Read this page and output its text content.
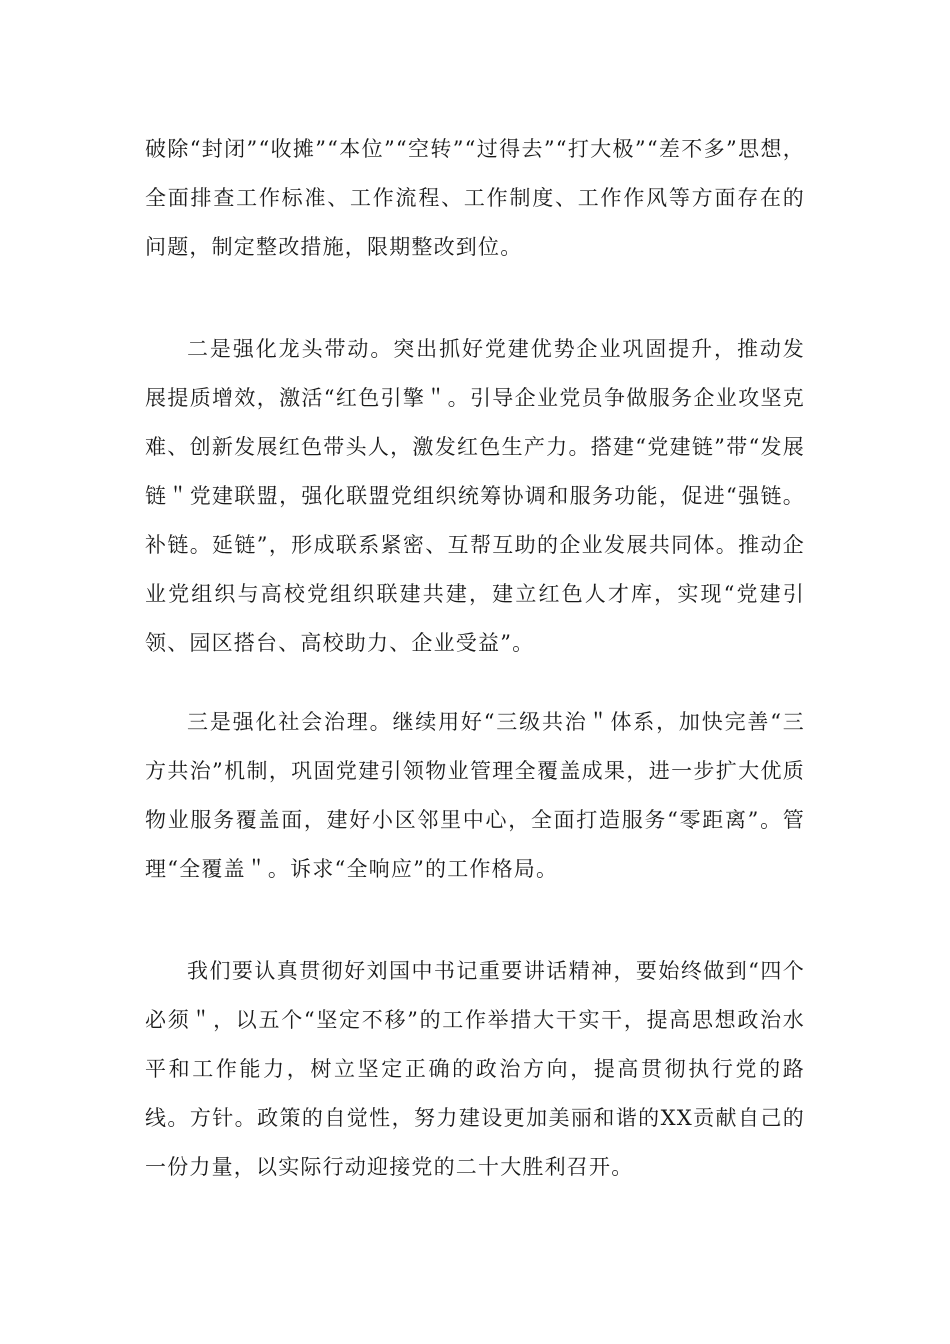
破除“封闭”“收摊”“本位”“空转”“过得去”“打大极”“差不多”思想，全面排查工作标准、工作流程、工作制度、工作作风等方面存在的问题，制定整改措施，限期整改到位。

二是强化龙头带动。突出抓好党建优势企业巩固提升，推动发展提质增效，激活“红色引擎＂。引导企业党员争做服务企业攻坚克难、创新发展红色带头人，激发红色生产力。搭建“党建链”带“发展链＂党建联盟，强化联盟党组织统筹协调和服务功能，促进“强链。补链。延链”，形成联系紧密、互帮互助的企业发展共同体。推动企业党组织与高校党组织联建共建，建立红色人才库，实现“党建引领、园区搭台、高校助力、企业受益”。

三是强化社会治理。继续用好“三级共治＂体系，加快完善“三方共治”机制，巩固党建引领物业管理全覆盖成果，进一步扩大优质物业服务覆盖面，建好小区邻里中心，全面打造服务“零距离”。管理“全覆盖＂。诉求“全响应”的工作格局。

我们要认真贯彻好刘国中书记重要讲话精神，要始终做到“四个必须＂，以五个“坚定不移”的工作举措大干实干，提高思想政治水平和工作能力，树立坚定正确的政治方向，提高贯彻执行党的路线。方针。政策的自觉性，努力建设更加美丽和谐的XX贡献自己的一份力量，以实际行动迎接党的二十大胜利召开。
